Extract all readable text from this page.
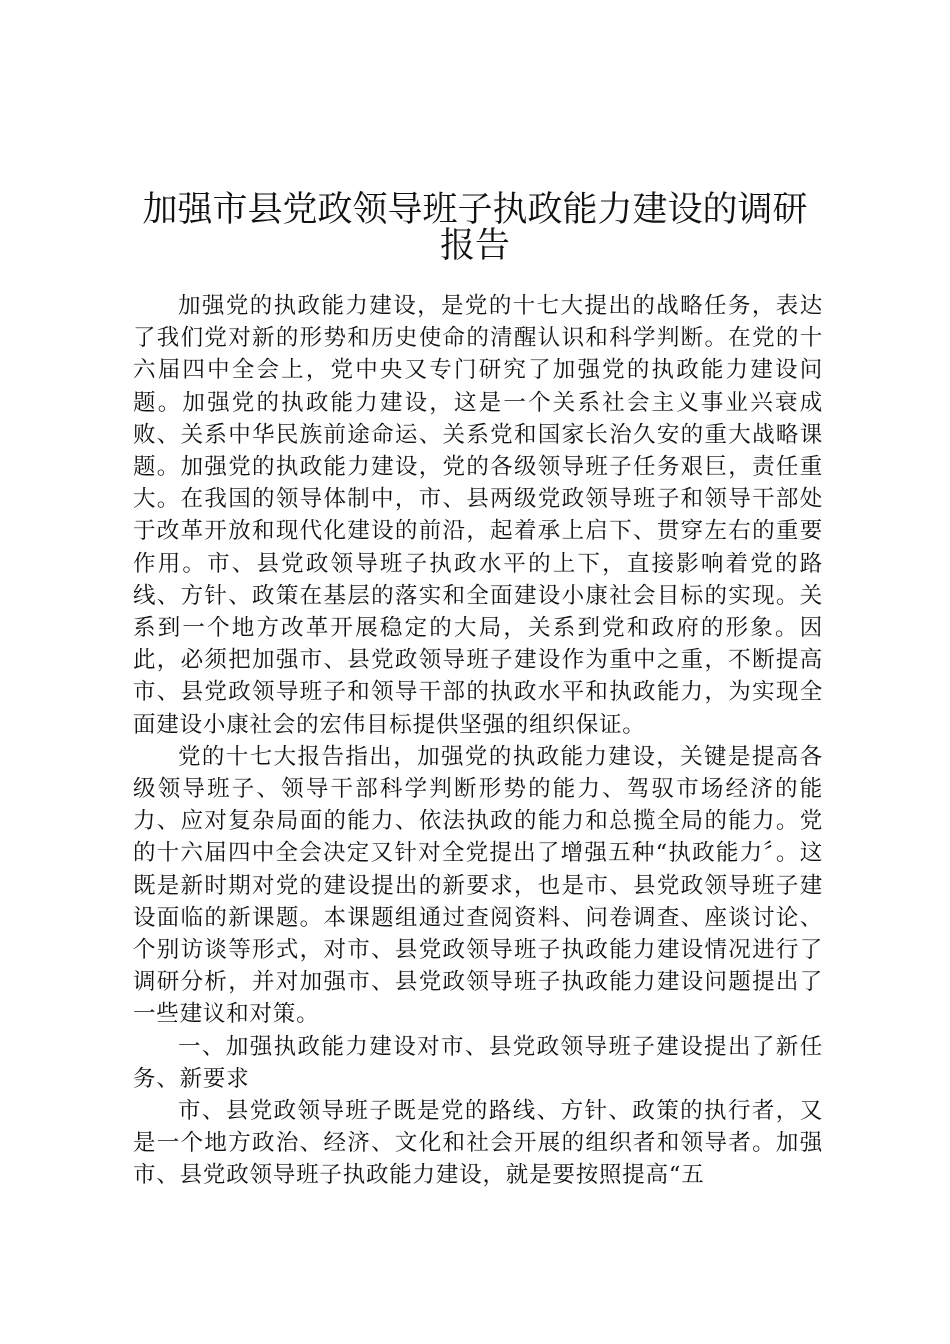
加强市县党政领导班子执政能力建设的调研
报告

加强党的执政能力建设，是党的十七大提出的战略任务，表达了我们党对新的形势和历史使命的清醒认识和科学判断。在党的十六届四中全会上，党中央又专门研究了加强党的执政能力建设问题。加强党的执政能力建设，这是一个关系社会主义事业兴衰成败、关系中华民族前途命运、关系党和国家长治久安的重大战略课题。加强党的执政能力建设，党的各级领导班子任务艰巨，责任重大。在我国的领导体制中，市、县两级党政领导班子和领导干部处于改革开放和现代化建设的前沿，起着承上启下、贯穿左右的重要作用。市、县党政领导班子执政水平的上下，直接影响着党的路线、方针、政策在基层的落实和全面建设小康社会目标的实现。关系到一个地方改革开展稳定的大局，关系到党和政府的形象。因此，必须把加强市、县党政领导班子建设作为重中之重，不断提高市、县党政领导班子和领导干部的执政水平和执政能力，为实现全面建设小康社会的宏伟目标提供坚强的组织保证。

党的十七大报告指出，加强党的执政能力建设，关键是提高各级领导班子、领导干部科学判断形势的能力、驾驭市场经济的能力、应对复杂局面的能力、依法执政的能力和总揽全局的能力。党的十六届四中全会决定又针对全党提出了增强五种“执政能力〞。这既是新时期对党的建设提出的新要求，也是市、县党政领导班子建设面临的新课题。本课题组通过查阅资料、问卷调查、座谈讨论、个别访谈等形式，对市、县党政领导班子执政能力建设情况进行了调研分析，并对加强市、县党政领导班子执政能力建设问题提出了一些建议和对策。

一、加强执政能力建设对市、县党政领导班子建设提出了新任务、新要求

市、县党政领导班子既是党的路线、方针、政策的执行者，又是一个地方政治、经济、文化和社会开展的组织者和领导者。加强市、县党政领导班子执政能力建设，就是要按照提高“五
